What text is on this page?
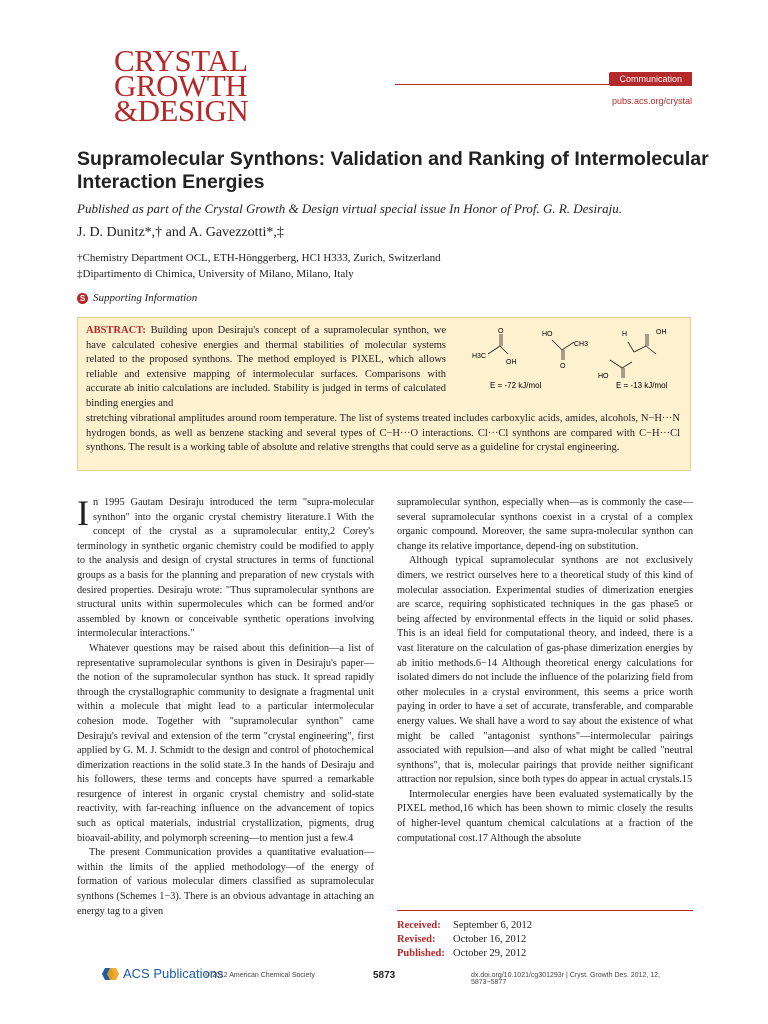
CRYSTAL
GROWTH
&DESIGN
Communication
pubs.acs.org/crystal
Supramolecular Synthons: Validation and Ranking of Intermolecular Interaction Energies
Published as part of the Crystal Growth & Design virtual special issue In Honor of Prof. G. R. Desiraju.
J. D. Dunitz*,† and A. Gavezzotti*,‡
†Chemistry Department OCL, ETH-Hönggerberg, HCI H333, Zurich, Switzerland
‡Dipartimento di Chimica, University of Milano, Milano, Italy
S Supporting Information
ABSTRACT: Building upon Desiraju's concept of a supramolecular synthon, we have calculated cohesive energies and thermal stabilities of molecular systems related to the proposed synthons. The method employed is PIXEL, which allows reliable and extensive mapping of intermolecular surfaces. Comparisons with accurate ab initio calculations are included. Stability is judged in terms of calculated binding energies and
stretching vibrational amplitudes around room temperature. The list of systems treated includes carboxylic acids, amides, alcohols, N−H···N hydrogen bonds, as well as benzene stacking and several types of C−H···O interactions. Cl···Cl synthons are compared with C−H···Cl synthons. The result is a working table of absolute and relative strengths that could serve as a guideline for crystal engineering.
O
H3C
OH
HO
O
CH3
E = -72 kJ/mol
H	OH
HO
E = -13 kJ/mol

In 1995 Gautam Desiraju introduced the term "supra-molecular synthon" into the organic crystal chemistry literature.1 With the concept of the crystal as a supramolecular entity,2 Corey's terminology in synthetic organic chemistry could be modified to apply to the analysis and design of crystal structures in terms of functional groups as a basis for the planning and preparation of new crystals with desired properties. Desiraju wrote: "Thus supramolecular synthons are structural units within supermolecules which can be formed and/or assembled by known or conceivable synthetic operations involving intermolecular interactions."

Whatever questions may be raised about this definition—a list of representative supramolecular synthons is given in Desiraju's paper—the notion of the supramolecular synthon has stuck. It spread rapidly through the crystallographic community to designate a fragmental unit within a molecule that might lead to a particular intermolecular cohesion mode. Together with "supramolecular synthon" came Desiraju's revival and extension of the term "crystal engineering", first applied by G. M. J. Schmidt to the design and control of photochemical dimerization reactions in the solid state.3 In the hands of Desiraju and his followers, these terms and concepts have spurred a remarkable resurgence of interest in organic crystal chemistry and solid-state reactivity, with far-reaching influence on the advancement of topics such as optical materials, industrial crystallization, pigments, drug bioavail-ability, and polymorph screening—to mention just a few.4

The present Communication provides a quantitative evaluation—within the limits of the applied methodology—of the energy of formation of various molecular dimers classified as supramolecular synthons (Schemes 1−3). There is an obvious advantage in attaching an energy tag to a given

supramolecular synthon, especially when—as is commonly the case—several supramolecular synthons coexist in a crystal of a complex organic compound. Moreover, the same supra-molecular synthon can change its relative importance, depend-ing on substitution.

Although typical supramolecular synthons are not exclusively dimers, we restrict ourselves here to a theoretical study of this kind of molecular association. Experimental studies of dimerization energies are scarce, requiring sophisticated techniques in the gas phase5 or being affected by environmental effects in the liquid or solid phases. This is an ideal field for computational theory, and indeed, there is a vast literature on the calculation of gas-phase dimerization energies by ab initio methods.6−14 Although theoretical energy calculations for isolated dimers do not include the influence of the polarizing field from other molecules in a crystal environment, this seems a price worth paying in order to have a set of accurate, transferable, and comparable energy values. We shall have a word to say about the existence of what might be called "antagonist synthons"—intermolecular pairings associated with repulsion—and also of what might be called "neutral synthons", that is, molecular pairings that provide neither significant attraction nor repulsion, since both types do appear in actual crystals.15

Intermolecular energies have been evaluated systematically by the PIXEL method,16 which has been shown to mimic closely the results of higher-level quantum chemical calculations at a fraction of the computational cost.17 Although the absolute

Received: September 6, 2012
Revised: October 16, 2012
Published: October 29, 2012
ACS Publications
© 2012 American Chemical Society	5873	dx.doi.org/10.1021/cg301293r | Cryst. Growth Des. 2012, 12, 5873−5877
